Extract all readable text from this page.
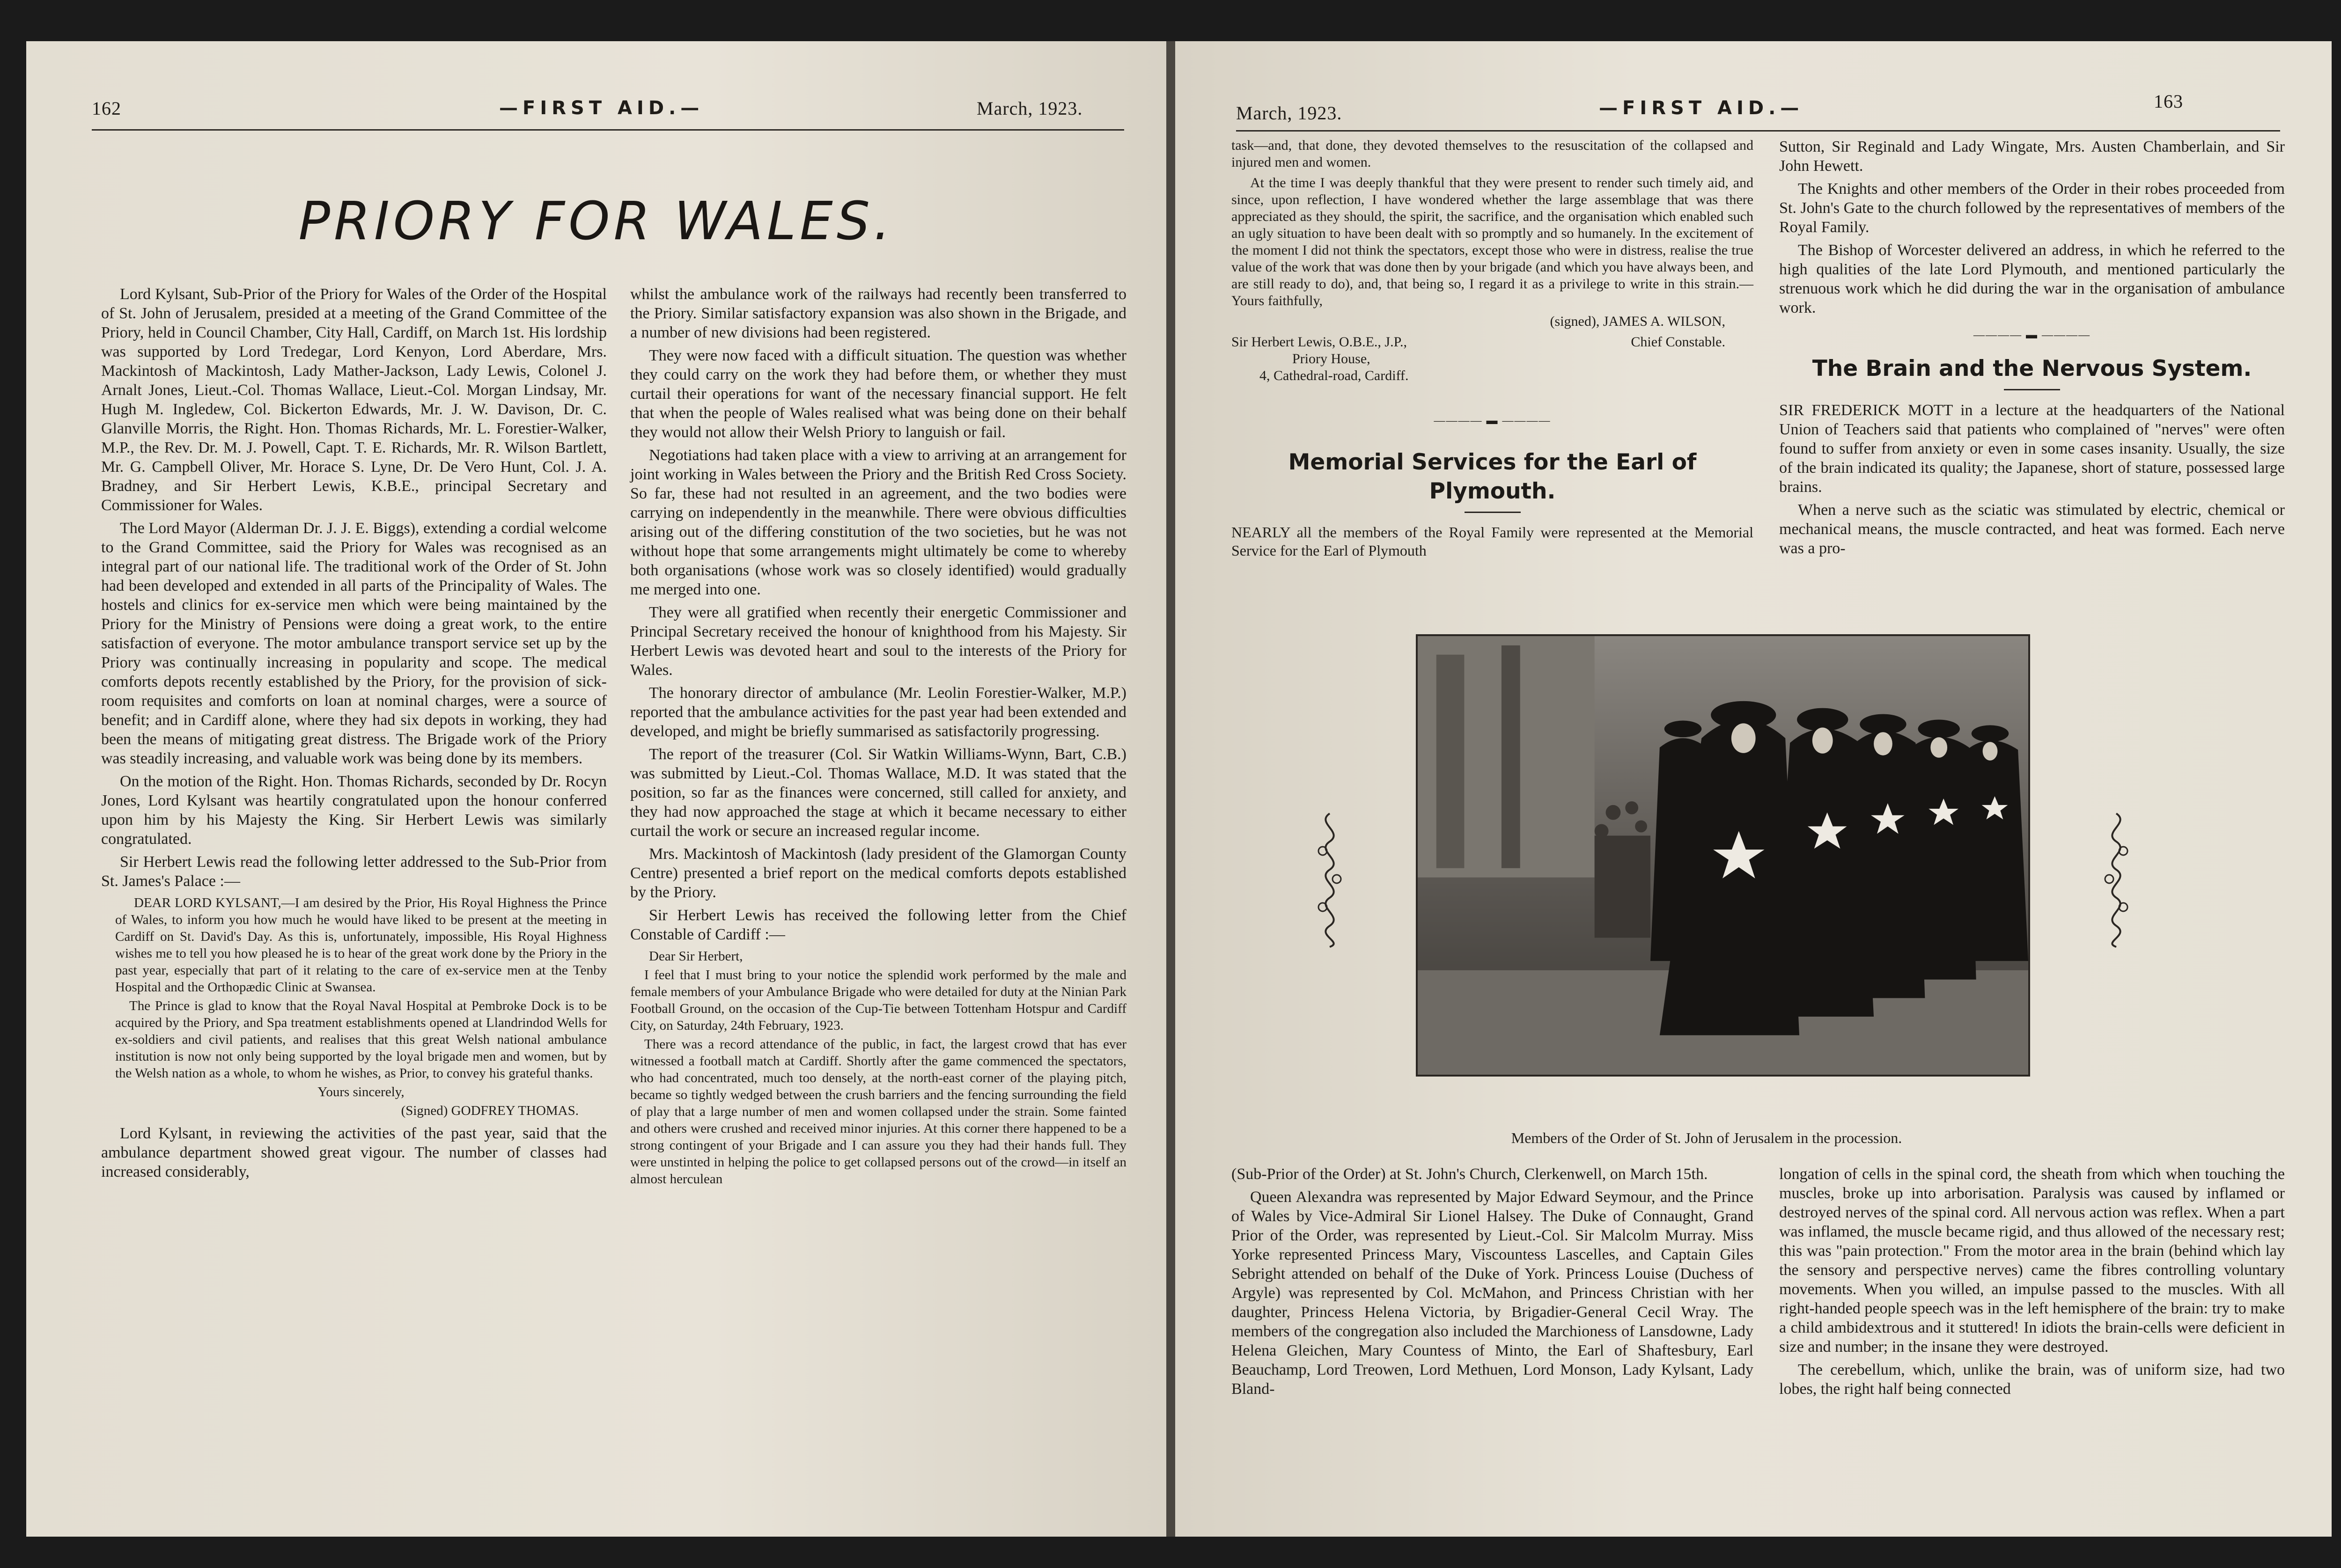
162	—FIRST AID.—	March, 1923.
PRIORY FOR WALES.

Lord Kylsant, Sub-Prior of the Priory for Wales of the Order of the Hospital of St. John of Jerusalem, presided at a meeting of the Grand Committee of the Priory, held in Council Chamber, City Hall, Cardiff, on March 1st. His lordship was supported by Lord Tredegar, Lord Kenyon, Lord Aberdare, Mrs. Mackintosh of Mackintosh, Lady Mather-Jackson, Lady Lewis, Colonel J. Arnalt Jones, Lieut.-Col. Thomas Wallace, Lieut.-Col. Morgan Lindsay, Mr. Hugh M. Ingledew, Col. Bickerton Edwards, Mr. J. W. Davison, Dr. C. Glanville Morris, the Right. Hon. Thomas Richards, Mr. L. Forestier-Walker, M.P., the Rev. Dr. M. J. Powell, Capt. T. E. Richards, Mr. R. Wilson Bartlett, Mr. G. Campbell Oliver, Mr. Horace S. Lyne, Dr. De Vero Hunt, Col. J. A. Bradney, and Sir Herbert Lewis, K.B.E., principal Secretary and Commissioner for Wales.

The Lord Mayor (Alderman Dr. J. J. E. Biggs), extending a cordial welcome to the Grand Committee, said the Priory for Wales was recognised as an integral part of our national life. The traditional work of the Order of St. John had been developed and extended in all parts of the Principality of Wales. The hostels and clinics for ex-service men which were being maintained by the Priory for the Ministry of Pensions were doing a great work, to the entire satisfaction of everyone. The motor ambulance transport service set up by the Priory was continually increasing in popularity and scope. The medical comforts depots recently established by the Priory, for the provision of sick-room requisites and comforts on loan at nominal charges, were a source of benefit; and in Cardiff alone, where they had six depots in working, they had been the means of mitigating great distress. The Brigade work of the Priory was steadily increasing, and valuable work was being done by its members.

On the motion of the Right. Hon. Thomas Richards, seconded by Dr. Rocyn Jones, Lord Kylsant was heartily congratulated upon the honour conferred upon him by his Majesty the King. Sir Herbert Lewis was similarly congratulated.

Sir Herbert Lewis read the following letter addressed to the Sub-Prior from St. James's Palace :—

DEAR LORD KYLSANT,—I am desired by the Prior, His Royal Highness the Prince of Wales, to inform you how much he would have liked to be present at the meeting in Cardiff on St. David's Day. As this is, unfortunately, impossible, His Royal Highness wishes me to tell you how pleased he is to hear of the great work done by the Priory in the past year, especially that part of it relating to the care of ex-service men at the Tenby Hospital and the Orthopædic Clinic at Swansea.

The Prince is glad to know that the Royal Naval Hospital at Pembroke Dock is to be acquired by the Priory, and Spa treatment establishments opened at Llandrindod Wells for ex-soldiers and civil patients, and realises that this great Welsh national ambulance institution is now not only being supported by the loyal brigade men and women, but by the Welsh nation as a whole, to whom he wishes, as Prior, to convey his grateful thanks.

Yours sincerely,

(Signed) GODFREY THOMAS.

Lord Kylsant, in reviewing the activities of the past year, said that the ambulance department showed great vigour. The number of classes had increased considerably,

whilst the ambulance work of the railways had recently been transferred to the Priory. Similar satisfactory expansion was also shown in the Brigade, and a number of new divisions had been registered.

They were now faced with a difficult situation. The question was whether they could carry on the work they had before them, or whether they must curtail their operations for want of the necessary financial support. He felt that when the people of Wales realised what was being done on their behalf they would not allow their Welsh Priory to languish or fail.

Negotiations had taken place with a view to arriving at an arrangement for joint working in Wales between the Priory and the British Red Cross Society. So far, these had not resulted in an agreement, and the two bodies were carrying on independently in the meanwhile. There were obvious difficulties arising out of the differing constitution of the two societies, but he was not without hope that some arrangements might ultimately be come to whereby both organisations (whose work was so closely identified) would gradually me merged into one.

They were all gratified when recently their energetic Commissioner and Principal Secretary received the honour of knighthood from his Majesty. Sir Herbert Lewis was devoted heart and soul to the interests of the Priory for Wales.

The honorary director of ambulance (Mr. Leolin Forestier-Walker, M.P.) reported that the ambulance activities for the past year had been extended and developed, and might be briefly summarised as satisfactorily progressing.

The report of the treasurer (Col. Sir Watkin Williams-Wynn, Bart, C.B.) was submitted by Lieut.-Col. Thomas Wallace, M.D. It was stated that the position, so far as the finances were concerned, still called for anxiety, and they had now approached the stage at which it became necessary to either curtail the work or secure an increased regular income.

Mrs. Mackintosh of Mackintosh (lady president of the Glamorgan County Centre) presented a brief report on the medical comforts depots established by the Priory.

Sir Herbert Lewis has received the following letter from the Chief Constable of Cardiff :—

Dear Sir Herbert,

I feel that I must bring to your notice the splendid work performed by the male and female members of your Ambulance Brigade who were detailed for duty at the Ninian Park Football Ground, on the occasion of the Cup-Tie between Tottenham Hotspur and Cardiff City, on Saturday, 24th February, 1923.

There was a record attendance of the public, in fact, the largest crowd that has ever witnessed a football match at Cardiff. Shortly after the game commenced the spectators, who had concentrated, much too densely, at the north-east corner of the playing pitch, became so tightly wedged between the crush barriers and the fencing surrounding the field of play that a large number of men and women collapsed under the strain. Some fainted and others were crushed and received minor injuries. At this corner there happened to be a strong contingent of your Brigade and I can assure you they had their hands full. They were unstinted in helping the police to get collapsed persons out of the crowd—in itself an almost herculean

March, 1923.	—FIRST AID.—	163

task—and, that done, they devoted themselves to the resuscitation of the collapsed and injured men and women.

At the time I was deeply thankful that they were present to render such timely aid, and since, upon reflection, I have wondered whether the large assemblage that was there appreciated as they should, the spirit, the sacrifice, and the organisation which enabled such an ugly situation to have been dealt with so promptly and so humanely. In the excitement of the moment I did not think the spectators, except those who were in distress, realise the true value of the work that was done then by your brigade (and which you have always been, and are still ready to do), and, that being so, I regard it as a privilege to write in this strain.—Yours faithfully,

(signed), JAMES A. WILSON,

Sir Herbert Lewis, O.B.E., J.P.,	Chief Constable.
Priory House,
4, Cathedral-road, Cardiff.
———— ▬ ————
Memorial Services for the Earl of Plymouth.

NEARLY all the members of the Royal Family were represented at the Memorial Service for the Earl of Plymouth

Sutton, Sir Reginald and Lady Wingate, Mrs. Austen Chamberlain, and Sir John Hewett.

The Knights and other members of the Order in their robes proceeded from St. John's Gate to the church followed by the representatives of members of the Royal Family.

The Bishop of Worcester delivered an address, in which he referred to the high qualities of the late Lord Plymouth, and mentioned particularly the strenuous work which he did during the war in the organisation of ambulance work.

———— ▬ ————
The Brain and the Nervous System.

SIR FREDERICK MOTT in a lecture at the headquarters of the National Union of Teachers said that patients who complained of "nerves" were often found to suffer from anxiety or even in some cases insanity. Usually, the size of the brain indicated its quality; the Japanese, short of stature, possessed large brains.

When a nerve such as the sciatic was stimulated by electric, chemical or mechanical means, the muscle contracted, and heat was formed. Each nerve was a pro-

Members of the Order of St. John of Jerusalem in the procession.

(Sub-Prior of the Order) at St. John's Church, Clerkenwell, on March 15th.

Queen Alexandra was represented by Major Edward Seymour, and the Prince of Wales by Vice-Admiral Sir Lionel Halsey. The Duke of Connaught, Grand Prior of the Order, was represented by Lieut.-Col. Sir Malcolm Murray. Miss Yorke represented Princess Mary, Viscountess Lascelles, and Captain Giles Sebright attended on behalf of the Duke of York. Princess Louise (Duchess of Argyle) was represented by Col. McMahon, and Princess Christian with her daughter, Princess Helena Victoria, by Brigadier-General Cecil Wray. The members of the congregation also included the Marchioness of Lansdowne, Lady Helena Gleichen, Mary Countess of Minto, the Earl of Shaftesbury, Earl Beauchamp, Lord Treowen, Lord Methuen, Lord Monson, Lady Kylsant, Lady Bland-

longation of cells in the spinal cord, the sheath from which when touching the muscles, broke up into arborisation. Paralysis was caused by inflamed or destroyed nerves of the spinal cord. All nervous action was reflex. When a part was inflamed, the muscle became rigid, and thus allowed of the necessary rest; this was "pain protection." From the motor area in the brain (behind which lay the sensory and perspective nerves) came the fibres controlling voluntary movements. When you willed, an impulse passed to the muscles. With all right-handed people speech was in the left hemisphere of the brain: try to make a child ambidextrous and it stuttered! In idiots the brain-cells were deficient in size and number; in the insane they were destroyed.

The cerebellum, which, unlike the brain, was of uniform size, had two lobes, the right half being connected
